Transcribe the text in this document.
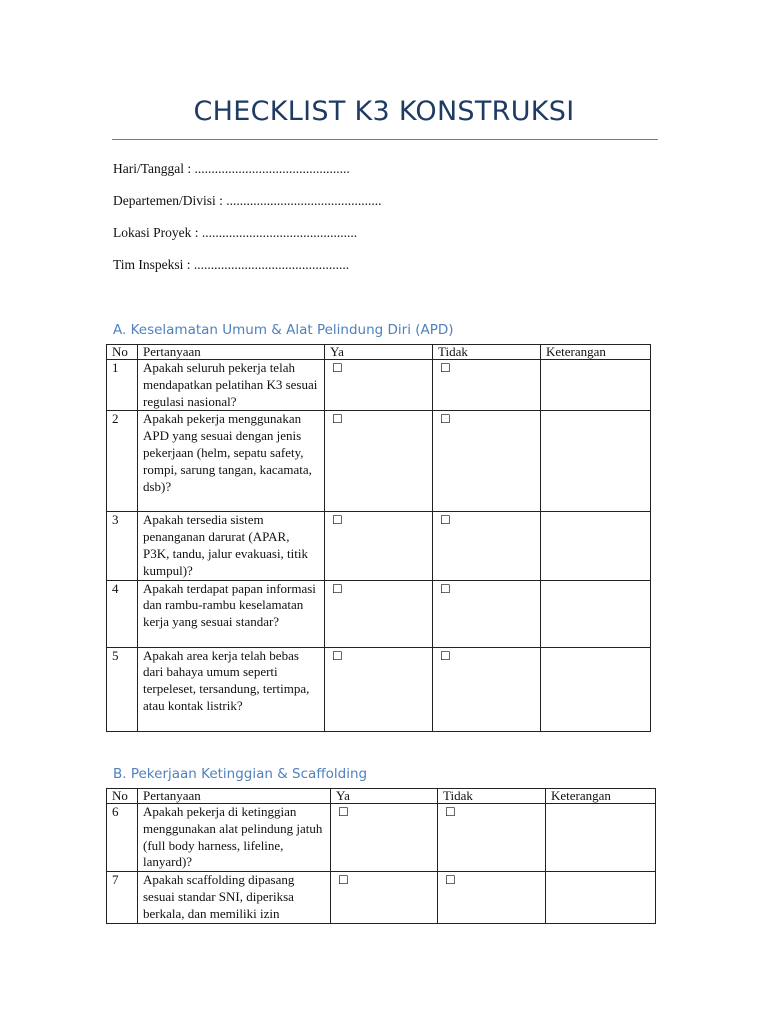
CHECKLIST K3 KONSTRUKSI
Hari/Tanggal : ..............................................
Departemen/Divisi : ..............................................
Lokasi Proyek : ..............................................
Tim Inspeksi : ..............................................
A. Keselamatan Umum & Alat Pelindung Diri (APD)
No	Pertanyaan	Ya	Tidak	Keterangan
1	Apakah seluruh pekerja telah mendapatkan pelatihan K3 sesuai regulasi nasional?	☐	☐	
2	Apakah pekerja menggunakan APD yang sesuai dengan jenis pekerjaan (helm, sepatu safety, rompi, sarung tangan, kacamata, dsb)?	☐	☐	
3	Apakah tersedia sistem penanganan darurat (APAR, P3K, tandu, jalur evakuasi, titik kumpul)?	☐	☐	
4	Apakah terdapat papan informasi dan rambu-rambu keselamatan kerja yang sesuai standar?	☐	☐	
5	Apakah area kerja telah bebas dari bahaya umum seperti terpeleset, tersandung, tertimpa, atau kontak listrik?	☐	☐	
B. Pekerjaan Ketinggian & Scaffolding
No	Pertanyaan	Ya	Tidak	Keterangan
6	Apakah pekerja di ketinggian menggunakan alat pelindung jatuh (full body harness, lifeline, lanyard)?	☐	☐	
7	Apakah scaffolding dipasang sesuai standar SNI, diperiksa berkala, dan memiliki izin	☐	☐	
